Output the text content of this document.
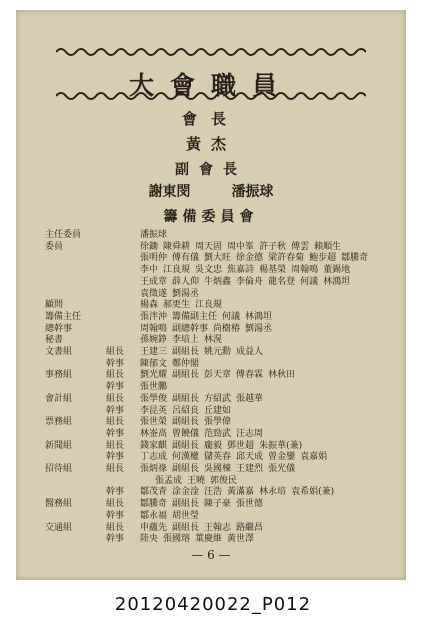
大會職員
會長
黃杰
副會長
謝東閔	潘振球
籌備委員會
主任委員	潘振球
委員	徐鋤 陳舜耕 周天固 周中峯 許子秋 傅雲 賴順生
張明仲 傅有儀 劉大旺 徐金德 梁許春菊 鮑步超 鄒騰奇
李中 江良規 吳文忠 焦嘉詩 楊基榮 周翰鳴 董錫地
王成章 薛人仰 牛炳鑫 李倫舟 龍名登 何議 林鴻坦
袁徵遂 劉湯丞
顧問	楊森 郝更生 江良規
籌備主任	張泮沖 籌備副主任 何議 林鴻坦
總幹事	周翰鳴 副總幹事 尚樹椿 劉湯丞
秘書	孫婉錚 李培上 林滉
文書組	組長	王建三 副組長 姚元勳 成益人
幹事	陳郁文 鄭仲閣
事務組	組長	劉光耀 副組長 彭天章 傅春霖 林秋田
幹事	張世鵬
會計組	組長	張學俊 副組長 方紹武 張越華
幹事	李昆英 呂紹良 丘建如
票務組	組長	張世榮 副組長 張學偉
幹事	林崟高 曾饒儀 范勁武 汪志周
新聞組	組長	錢家麒 副組長 龐毅 鄧世超 朱振華(兼)
幹事	丁志成 何漢權 儲英春 邱天成 曾金鑾 袁嘉娟
招待組	組長	張炳祿 副組長 吳國棟 王建烈 張光儀
張孟成 王曉 郭俊民
幹事	鄒茂青 涂金淦 汪浩 黃滿嘉 林永培 袁希娟(兼)
醫務組	組長	鄒騰奇 副組長 陳子豪 張世德
幹事	鄒永福 胡世瑩
交通組	組長	申蘊先 副組長 王翰志 路繼昌
幹事	陸央 張國瑢 葉慶維 黃世澤
— 6 —
20120420022_P012
